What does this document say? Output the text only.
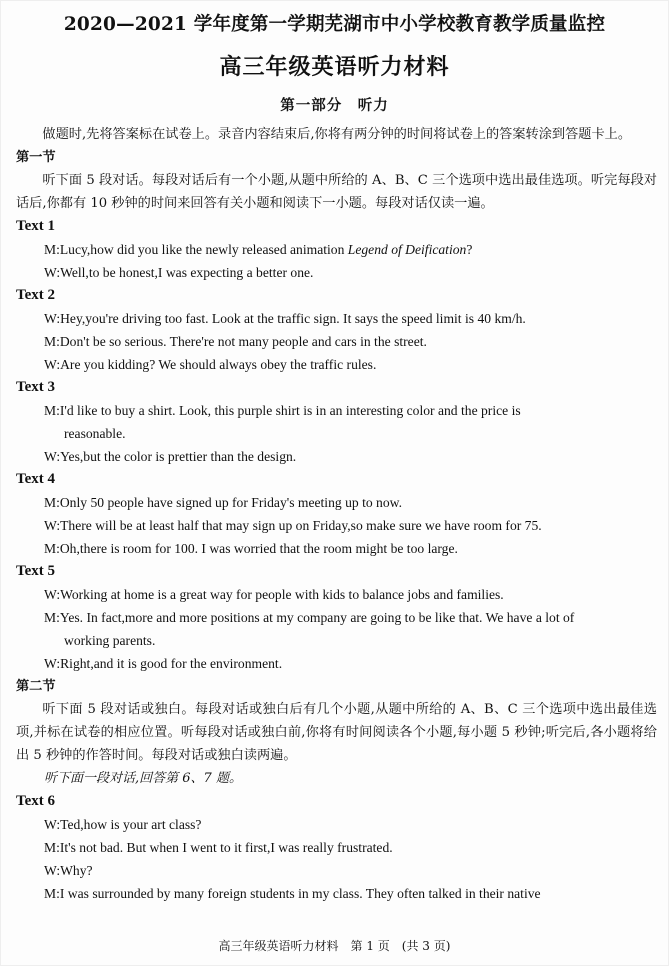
2020—2021 学年度第一学期芜湖市中小学校教育教学质量监控
高三年级英语听力材料
第一部分　听力
做题时,先将答案标在试卷上。录音内容结束后,你将有两分钟的时间将试卷上的答案转涂到答题卡上。
第一节
听下面 5 段对话。每段对话后有一个小题,从题中所给的 A、B、C 三个选项中选出最佳选项。听完每段对话后,你都有 10 秒钟的时间来回答有关小题和阅读下一小题。每段对话仅读一遍。
Text 1
M:Lucy,how did you like the newly released animation Legend of Deification?
W:Well,to be honest,I was expecting a better one.
Text 2
W:Hey,you're driving too fast. Look at the traffic sign. It says the speed limit is 40 km/h.
M:Don't be so serious. There're not many people and cars in the street.
W:Are you kidding? We should always obey the traffic rules.
Text 3
M:I'd like to buy a shirt. Look, this purple shirt is in an interesting color and the price is
reasonable.
W:Yes,but the color is prettier than the design.
Text 4
M:Only 50 people have signed up for Friday's meeting up to now.
W:There will be at least half that may sign up on Friday,so make sure we have room for 75.
M:Oh,there is room for 100. I was worried that the room might be too large.
Text 5
W:Working at home is a great way for people with kids to balance jobs and families.
M:Yes. In fact,more and more positions at my company are going to be like that. We have a lot of
working parents.
W:Right,and it is good for the environment.
第二节
听下面 5 段对话或独白。每段对话或独白后有几个小题,从题中所给的 A、B、C 三个选项中选出最佳选项,并标在试卷的相应位置。听每段对话或独白前,你将有时间阅读各个小题,每小题 5 秒钟;听完后,各小题将给出 5 秒钟的作答时间。每段对话或独白读两遍。
听下面一段对话,回答第 6、7 题。
Text 6
W:Ted,how is your art class?
M:It's not bad. But when I went to it first,I was really frustrated.
W:Why?
M:I was surrounded by many foreign students in my class. They often talked in their native
高三年级英语听力材料　第 1 页　(共 3 页)
